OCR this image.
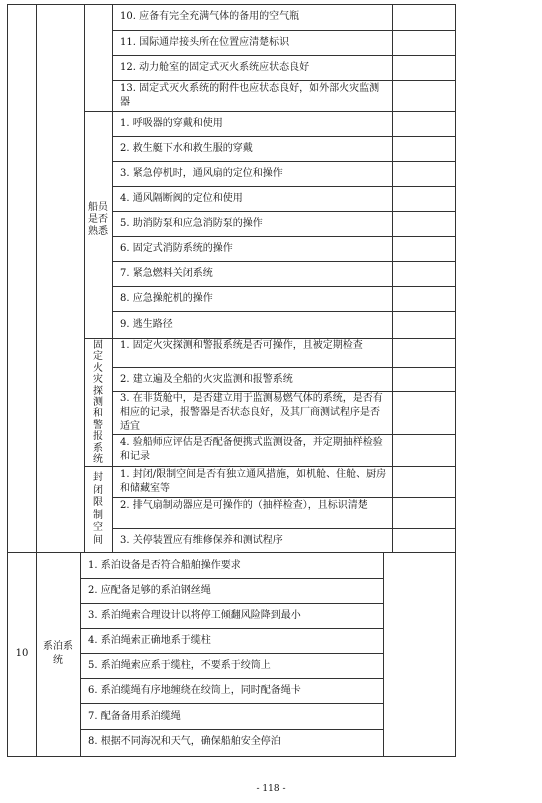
10. 应备有完全充满气体的备用的空气瓶
11. 国际通岸接头所在位置应清楚标识
12. 动力舱室的固定式灭火系统应状态良好
13. 固定式灭火系统的附件也应状态良好，如外部火灾监测器
船员是否熟悉
1. 呼吸器的穿戴和使用
2. 救生艇下水和救生服的穿戴
3. 紧急停机时，通风扇的定位和操作
4. 通风隔断阀的定位和使用
5. 助消防泵和应急消防泵的操作
6. 固定式消防系统的操作
7. 紧急燃料关闭系统
8. 应急操舵机的操作
9. 逃生路径
固定火灾探测和警报系统
1. 固定火灾探测和警报系统是否可操作，且被定期检查
2. 建立遍及全船的火灾监测和报警系统
3. 在非货舱中，是否建立用于监测易燃气体的系统，是否有相应的记录，报警器是否状态良好，及其厂商测试程序是否适宜
4. 验船师应评估是否配备便携式监测设备，并定期抽样检验和记录
封闭限制空间
1. 封闭/限制空间是否有独立通风措施，如机舱、住舱、厨房和储藏室等
2. 排气扇制动器应是可操作的（抽样检查），且标识清楚
3. 关停装置应有维修保养和测试程序
10
系泊系统
1. 系泊设备是否符合船舶操作要求
2. 应配备足够的系泊钢丝绳
3. 系泊绳索合理设计以将停工倾翻风险降到最小
4. 系泊绳索正确地系于缆柱
5. 系泊绳索应系于缆柱，不要系于绞筒上
6. 系泊缆绳有序地缠绕在绞筒上，同时配备绳卡
7. 配备备用系泊缆绳
8. 根据不同海况和天气，确保船舶安全停泊
- 118 -
